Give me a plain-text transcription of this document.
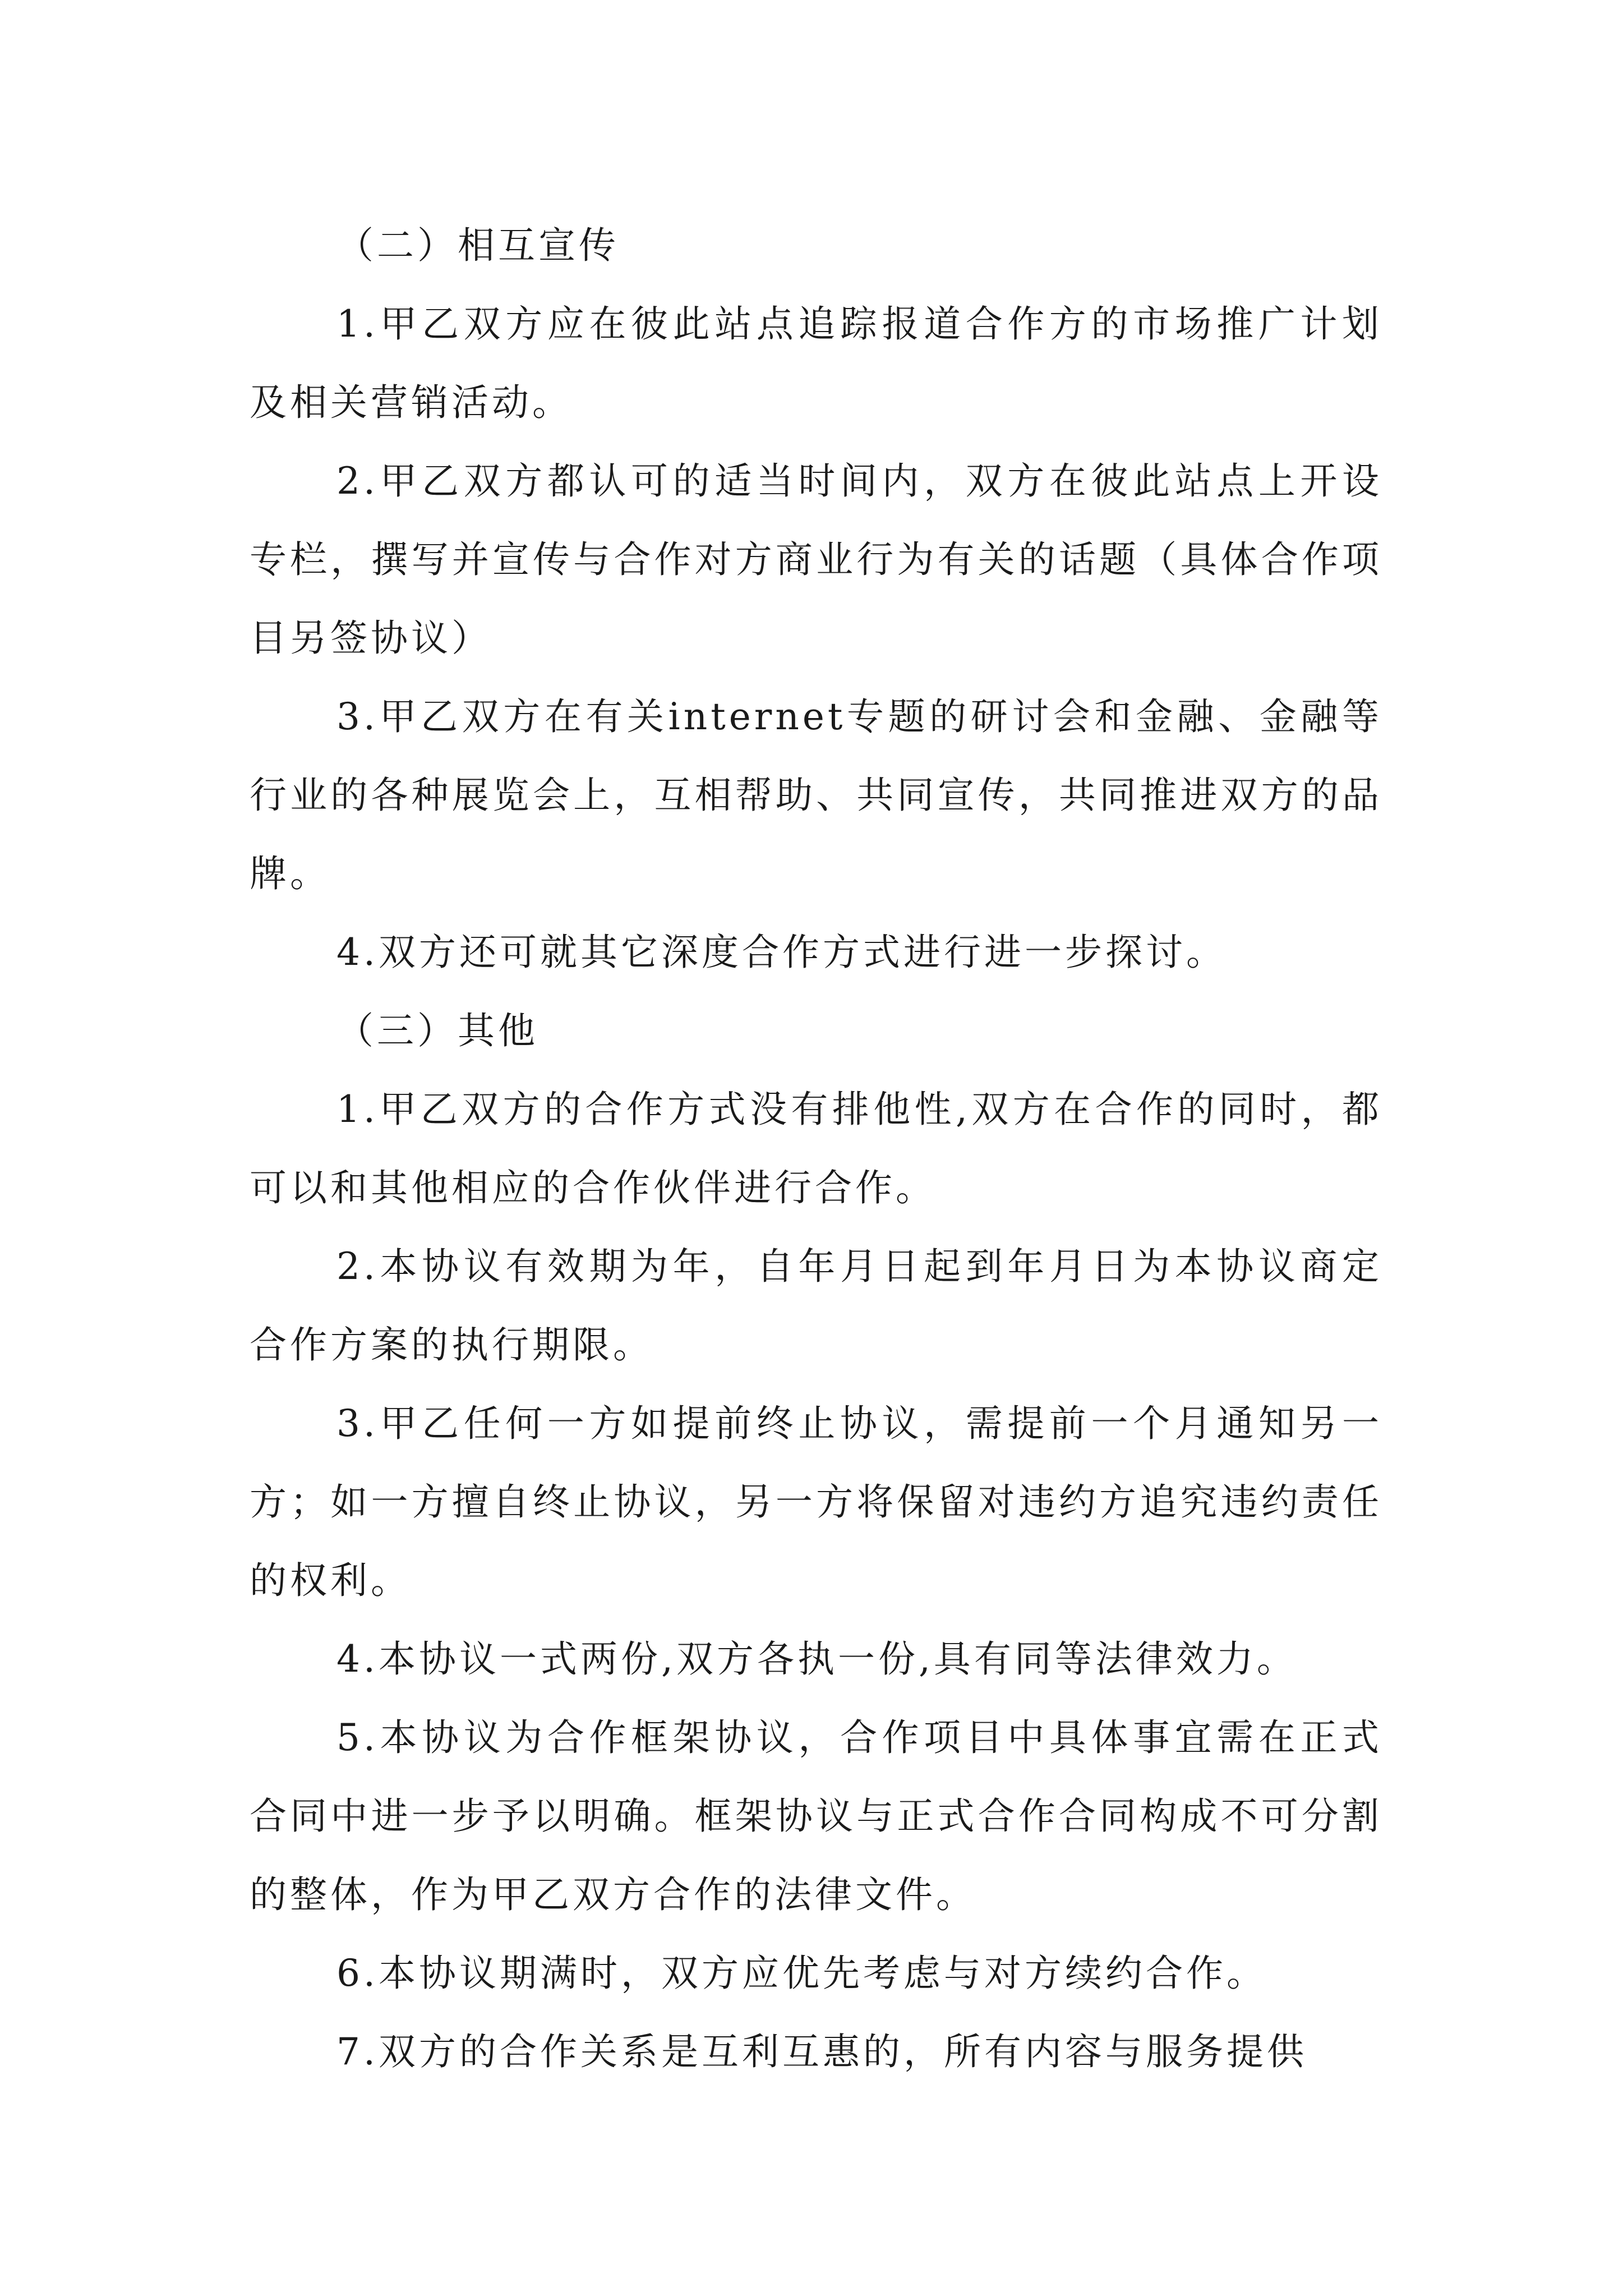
（二）相互宣传

1.甲乙双方应在彼此站点追踪报道合作方的市场推广计划及相关营销活动。

2.甲乙双方都认可的适当时间内，双方在彼此站点上开设专栏，撰写并宣传与合作对方商业行为有关的话题（具体合作项目另签协议）

3.甲乙双方在有关internet专题的研讨会和金融、金融等行业的各种展览会上，互相帮助、共同宣传，共同推进双方的品牌。

4.双方还可就其它深度合作方式进行进一步探讨。

（三）其他

1.甲乙双方的合作方式没有排他性,双方在合作的同时，都可以和其他相应的合作伙伴进行合作。

2.本协议有效期为年，自年月日起到年月日为本协议商定合作方案的执行期限。

3.甲乙任何一方如提前终止协议，需提前一个月通知另一方；如一方擅自终止协议，另一方将保留对违约方追究违约责任的权利。

4.本协议一式两份,双方各执一份,具有同等法律效力。

5.本协议为合作框架协议，合作项目中具体事宜需在正式合同中进一步予以明确。框架协议与正式合作合同构成不可分割的整体，作为甲乙双方合作的法律文件。

6.本协议期满时，双方应优先考虑与对方续约合作。

7.双方的合作关系是互利互惠的，所有内容与服务提供
